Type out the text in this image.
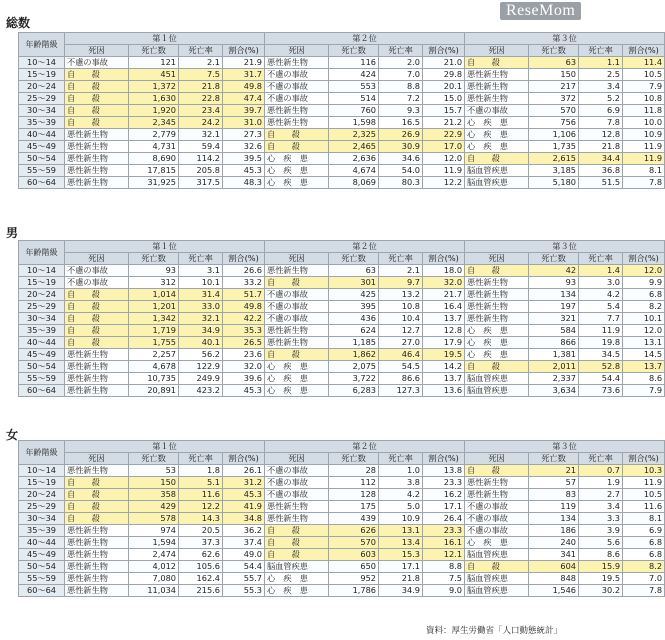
ReseMom
総数
年齢階級	第１位				第２位				第３位			
	死因	死亡数	死亡率	割合(%)	死因	死亡数	死亡率	割合(%)	死因	死亡数	死亡率	割合(%)
10〜14	不慮の事故	121	2.1	21.9	悪性新生物	116	2.0	21.0	自　　殺	63	1.1	11.4
15〜19	自　　殺	451	7.5	31.7	不慮の事故	424	7.0	29.8	悪性新生物	150	2.5	10.5
20〜24	自　　殺	1,372	21.8	49.8	不慮の事故	553	8.8	20.1	悪性新生物	217	3.4	7.9
25〜29	自　　殺	1,630	22.8	47.4	不慮の事故	514	7.2	15.0	悪性新生物	372	5.2	10.8
30〜34	自　　殺	1,920	23.4	39.7	悪性新生物	760	9.3	15.7	不慮の事故	570	6.9	11.8
35〜39	自　　殺	2,345	24.2	31.0	悪性新生物	1,598	16.5	21.2	心　疾　患	756	7.8	10.0
40〜44	悪性新生物	2,779	32.1	27.3	自　　殺	2,325	26.9	22.9	心　疾　患	1,106	12.8	10.9
45〜49	悪性新生物	4,731	59.4	32.6	自　　殺	2,465	30.9	17.0	心　疾　患	1,735	21.8	11.9
50〜54	悪性新生物	8,690	114.2	39.5	心　疾　患	2,636	34.6	12.0	自　　殺	2,615	34.4	11.9
55〜59	悪性新生物	17,815	205.8	45.3	心　疾　患	4,674	54.0	11.9	脳血管疾患	3,185	36.8	8.1
60〜64	悪性新生物	31,925	317.5	48.3	心　疾　患	8,069	80.3	12.2	脳血管疾患	5,180	51.5	7.8
男
年齢階級	第１位				第２位				第３位			
	死因	死亡数	死亡率	割合(%)	死因	死亡数	死亡率	割合(%)	死因	死亡数	死亡率	割合(%)
10〜14	不慮の事故	93	3.1	26.6	悪性新生物	63	2.1	18.0	自　　殺	42	1.4	12.0
15〜19	不慮の事故	312	10.1	33.2	自　　殺	301	9.7	32.0	悪性新生物	93	3.0	9.9
20〜24	自　　殺	1,014	31.4	51.7	不慮の事故	425	13.2	21.7	悪性新生物	134	4.2	6.8
25〜29	自　　殺	1,201	33.0	49.8	不慮の事故	395	10.8	16.4	悪性新生物	197	5.4	8.2
30〜34	自　　殺	1,342	32.1	42.2	不慮の事故	436	10.4	13.7	悪性新生物	321	7.7	10.1
35〜39	自　　殺	1,719	34.9	35.3	悪性新生物	624	12.7	12.8	心　疾　患	584	11.9	12.0
40〜44	自　　殺	1,755	40.1	26.5	悪性新生物	1,185	27.0	17.9	心　疾　患	866	19.8	13.1
45〜49	悪性新生物	2,257	56.2	23.6	自　　殺	1,862	46.4	19.5	心　疾　患	1,381	34.5	14.5
50〜54	悪性新生物	4,678	122.9	32.0	心　疾　患	2,075	54.5	14.2	自　　殺	2,011	52.8	13.7
55〜59	悪性新生物	10,735	249.9	39.6	心　疾　患	3,722	86.6	13.7	脳血管疾患	2,337	54.4	8.6
60〜64	悪性新生物	20,891	423.2	45.3	心　疾　患	6,283	127.3	13.6	脳血管疾患	3,634	73.6	7.9
女
年齢階級	第１位				第２位				第３位			
	死因	死亡数	死亡率	割合(%)	死因	死亡数	死亡率	割合(%)	死因	死亡数	死亡率	割合(%)
10〜14	悪性新生物	53	1.8	26.1	不慮の事故	28	1.0	13.8	自　　殺	21	0.7	10.3
15〜19	自　　殺	150	5.1	31.2	不慮の事故	112	3.8	23.3	悪性新生物	57	1.9	11.9
20〜24	自　　殺	358	11.6	45.3	不慮の事故	128	4.2	16.2	悪性新生物	83	2.7	10.5
25〜29	自　　殺	429	12.2	41.9	悪性新生物	175	5.0	17.1	不慮の事故	119	3.4	11.6
30〜34	自　　殺	578	14.3	34.8	悪性新生物	439	10.9	26.4	不慮の事故	134	3.3	8.1
35〜39	悪性新生物	974	20.5	36.2	自　　殺	626	13.1	23.3	不慮の事故	186	3.9	6.9
40〜44	悪性新生物	1,594	37.3	37.4	自　　殺	570	13.4	16.1	心　疾　患	240	5.6	6.8
45〜49	悪性新生物	2,474	62.6	49.0	自　　殺	603	15.3	12.1	脳血管疾患	341	8.6	6.8
50〜54	悪性新生物	4,012	105.6	54.4	脳血管疾患	650	17.1	8.8	自　　殺	604	15.9	8.2
55〜59	悪性新生物	7,080	162.4	55.7	心　疾　患	952	21.8	7.5	脳血管疾患	848	19.5	7.0
60〜64	悪性新生物	11,034	215.6	55.3	心　疾　患	1,786	34.9	9.0	脳血管疾患	1,546	30.2	7.8
資料：厚生労働省「人口動態統計」
